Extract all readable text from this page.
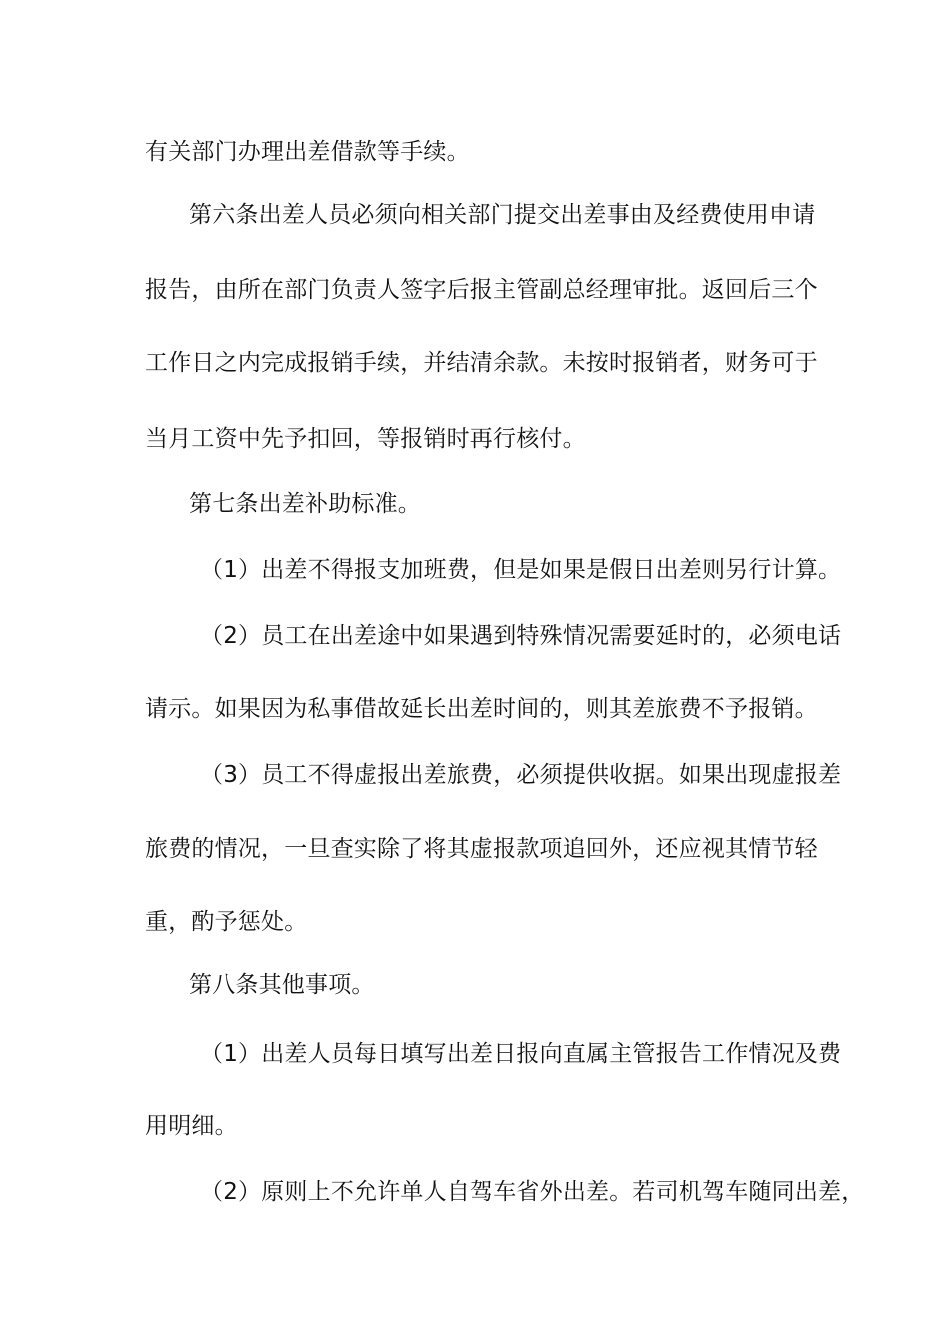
有关部门办理出差借款等手续。
第六条出差人员必须向相关部门提交出差事由及经费使用申请
报告，由所在部门负责人签字后报主管副总经理审批。返回后三个
工作日之内完成报销手续，并结清余款。未按时报销者，财务可于
当月工资中先予扣回，等报销时再行核付。
第七条出差补助标准。
（1）出差不得报支加班费，但是如果是假日出差则另行计算。
（2）员工在出差途中如果遇到特殊情况需要延时的，必须电话
请示。如果因为私事借故延长出差时间的，则其差旅费不予报销。
（3）员工不得虚报出差旅费，必须提供收据。如果出现虚报差
旅费的情况，一旦查实除了将其虚报款项追回外，还应视其情节轻
重，酌予惩处。
第八条其他事项。
（1）出差人员每日填写出差日报向直属主管报告工作情况及费
用明细。
（2）原则上不允许单人自驾车省外出差。若司机驾车随同出差，
